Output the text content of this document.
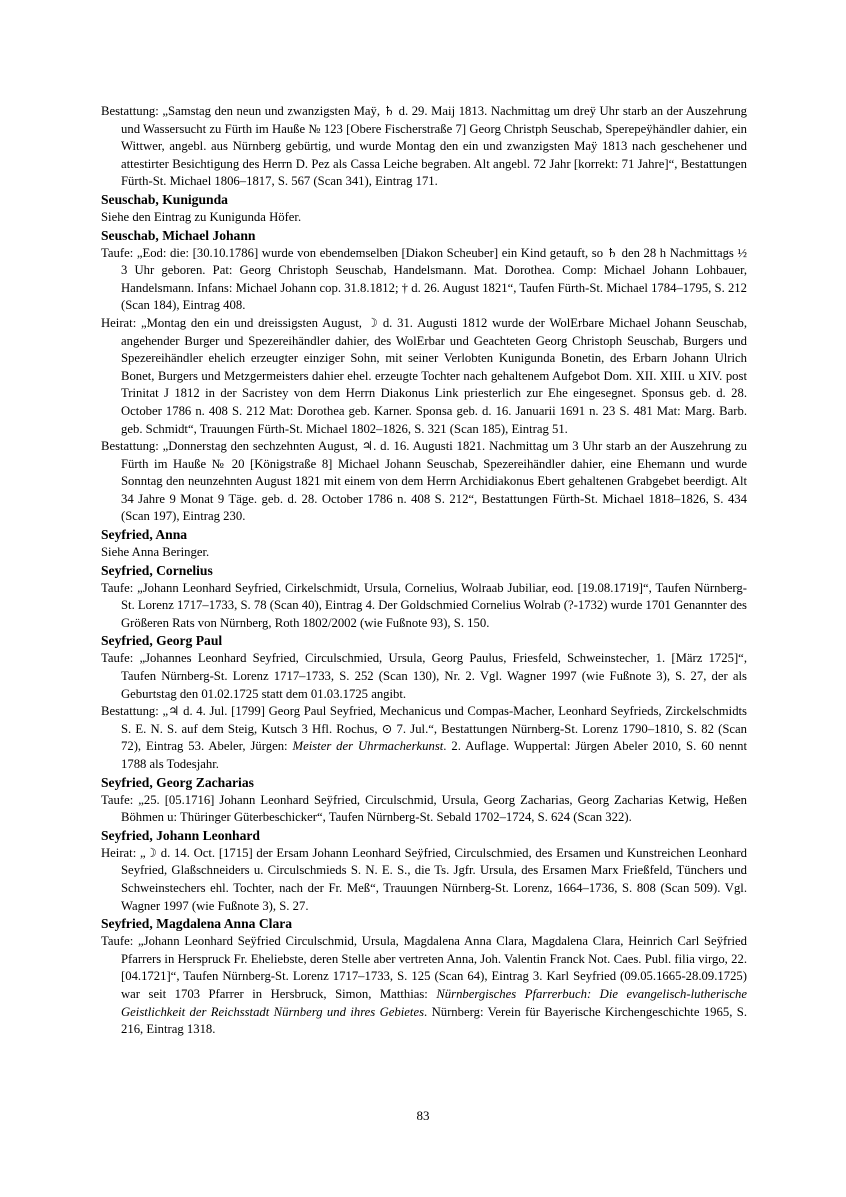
Bestattung: „Samstag den neun und zwanzigsten Maÿ, ♄ d. 29. Maij 1813. Nachmittag um dreÿ Uhr starb an der Auszehrung und Wassersucht zu Fürth im Hauße № 123 [Obere Fischerstraße 7] Georg Christph Seuschab, Spereреÿhändler dahier, ein Wittwer, angebl. aus Nürnberg gebürtig, und wurde Montag den ein und zwanzigsten Maÿ 1813 nach geschehener und attestirter Besichtigung des Herrn D. Pez als Cassa Leiche begraben. Alt angebl. 72 Jahr [korrekt: 71 Jahre]“, Bestattungen Fürth-St. Michael 1806–1817, S. 567 (Scan 341), Eintrag 171.

Seuschab, Kunigunda

Siehe den Eintrag zu Kunigunda Höfer.

Seuschab, Michael Johann

Taufe: „Eod: die: [30.10.1786] wurde von ebendemselben [Diakon Scheuber] ein Kind getauft, so ♄ den 28 h Nachmittags ½ 3 Uhr geboren. Pat: Georg Christoph Seuschab, Handelsmann. Mat. Dorothea. Comp: Michael Johann Lohbauer, Handelsmann. Infans: Michael Johann cop. 31.8.1812; † d. 26. August 1821“, Taufen Fürth-St. Michael 1784–1795, S. 212 (Scan 184), Eintrag 408.

Heirat: „Montag den ein und dreissigsten August, ☽ d. 31. Augusti 1812 wurde der WolErbare Michael Johann Seuschab, angehender Burger und Spezereihändler dahier, des WolErbar und Geachteten Georg Christoph Seuschab, Burgers und Spezereihändler ehelich erzeugter einziger Sohn, mit seiner Verlobten Kunigunda Bonetin, des Erbarn Johann Ulrich Bonet, Burgers und Metzgermeisters dahier ehel. erzeugte Tochter nach gehaltenem Aufgebot Dom. XII. XIII. u XIV. post Trinitat J 1812 in der Sacristey von dem Herrn Diakonus Link priesterlich zur Ehe eingesegnet. Sponsus geb. d. 28. October 1786 n. 408 S. 212 Mat: Dorothea geb. Karner. Sponsa geb. d. 16. Januarii 1691 n. 23 S. 481 Mat: Marg. Barb. geb. Schmidt“, Trauungen Fürth-St. Michael 1802–1826, S. 321 (Scan 185), Eintrag 51.

Bestattung: „Donnerstag den sechzehnten August, ♃. d. 16. Augusti 1821. Nachmittag um 3 Uhr starb an der Auszehrung zu Fürth im Hauße № 20 [Königstraße 8] Michael Johann Seuschab, Spezereihändler dahier, eine Ehemann und wurde Sonntag den neunzehnten August 1821 mit einem von dem Herrn Archidiakonus Ebert gehaltenen Grabgebet beerdigt. Alt 34 Jahre 9 Monat 9 Täge. geb. d. 28. October 1786 n. 408 S. 212“, Bestattungen Fürth-St. Michael 1818–1826, S. 434 (Scan 197), Eintrag 230.

Seyfried, Anna

Siehe Anna Beringer.

Seyfried, Cornelius

Taufe: „Johann Leonhard Seyfried, Cirkelschmidt, Ursula, Cornelius, Wolraab Jubiliar, eod. [19.08.1719]“, Taufen Nürnberg-St. Lorenz 1717–1733, S. 78 (Scan 40), Eintrag 4. Der Goldschmied Cornelius Wolrab (?-1732) wurde 1701 Genannter des Größeren Rats von Nürnberg, Roth 1802/2002 (wie Fußnote 93), S. 150.

Seyfried, Georg Paul

Taufe: „Johannes Leonhard Seyfried, Circulschmied, Ursula, Georg Paulus, Friesfeld, Schweinstecher, 1. [März 1725]“, Taufen Nürnberg-St. Lorenz 1717–1733, S. 252 (Scan 130), Nr. 2. Vgl. Wagner 1997 (wie Fußnote 3), S. 27, der als Geburtstag den 01.02.1725 statt dem 01.03.1725 angibt.

Bestattung: „♃ d. 4. Jul. [1799] Georg Paul Seyfried, Mechanicus und Compas-Macher, Leonhard Seyfrieds, Zirckelschmidts S. E. N. S. auf dem Steig, Kutsch 3 Hfl. Rochus, ⊙ 7. Jul.“, Bestattungen Nürnberg-St. Lorenz 1790–1810, S. 82 (Scan 72), Eintrag 53. Abeler, Jürgen: Meister der Uhrmacherkunst. 2. Auflage. Wuppertal: Jürgen Abeler 2010, S. 60 nennt 1788 als Todesjahr.

Seyfried, Georg Zacharias

Taufe: „25. [05.1716] Johann Leonhard Seÿfried, Circulschmid, Ursula, Georg Zacharias, Georg Zacharias Ketwig, Heßen Böhmen u: Thüringer Güterbeschicker“, Taufen Nürnberg-St. Sebald 1702–1724, S. 624 (Scan 322).

Seyfried, Johann Leonhard

Heirat: „☽ d. 14. Oct. [1715] der Ersam Johann Leonhard Seÿfried, Circulschmied, des Ersamen und Kunstreichen Leonhard Seyfried, Glaßschneiders u. Circulschmieds S. N. E. S., die Ts. Jgfr. Ursula, des Ersamen Marx Frießfeld, Tünchers und Schweinstechers ehl. Tochter, nach der Fr. Meß“, Trauungen Nürnberg-St. Lorenz, 1664–1736, S. 808 (Scan 509). Vgl. Wagner 1997 (wie Fußnote 3), S. 27.

Seyfried, Magdalena Anna Clara

Taufe: „Johann Leonhard Seÿfried Circulschmid, Ursula, Magdalena Anna Clara, Magdalena Clara, Heinrich Carl Seÿfried Pfarrers in Herspruck Fr. Eheliebste, deren Stelle aber vertreten Anna, Joh. Valentin Franck Not. Caes. Publ. filia virgo, 22.[04.1721]“, Taufen Nürnberg-St. Lorenz 1717–1733, S. 125 (Scan 64), Eintrag 3. Karl Seyfried (09.05.1665-28.09.1725) war seit 1703 Pfarrer in Hersbruck, Simon, Matthias: Nürnbergisches Pfarrerbuch: Die evangelisch-lutherische Geistlichkeit der Reichsstadt Nürnberg und ihres Gebietes. Nürnberg: Verein für Bayerische Kirchengeschichte 1965, S. 216, Eintrag 1318.

83
